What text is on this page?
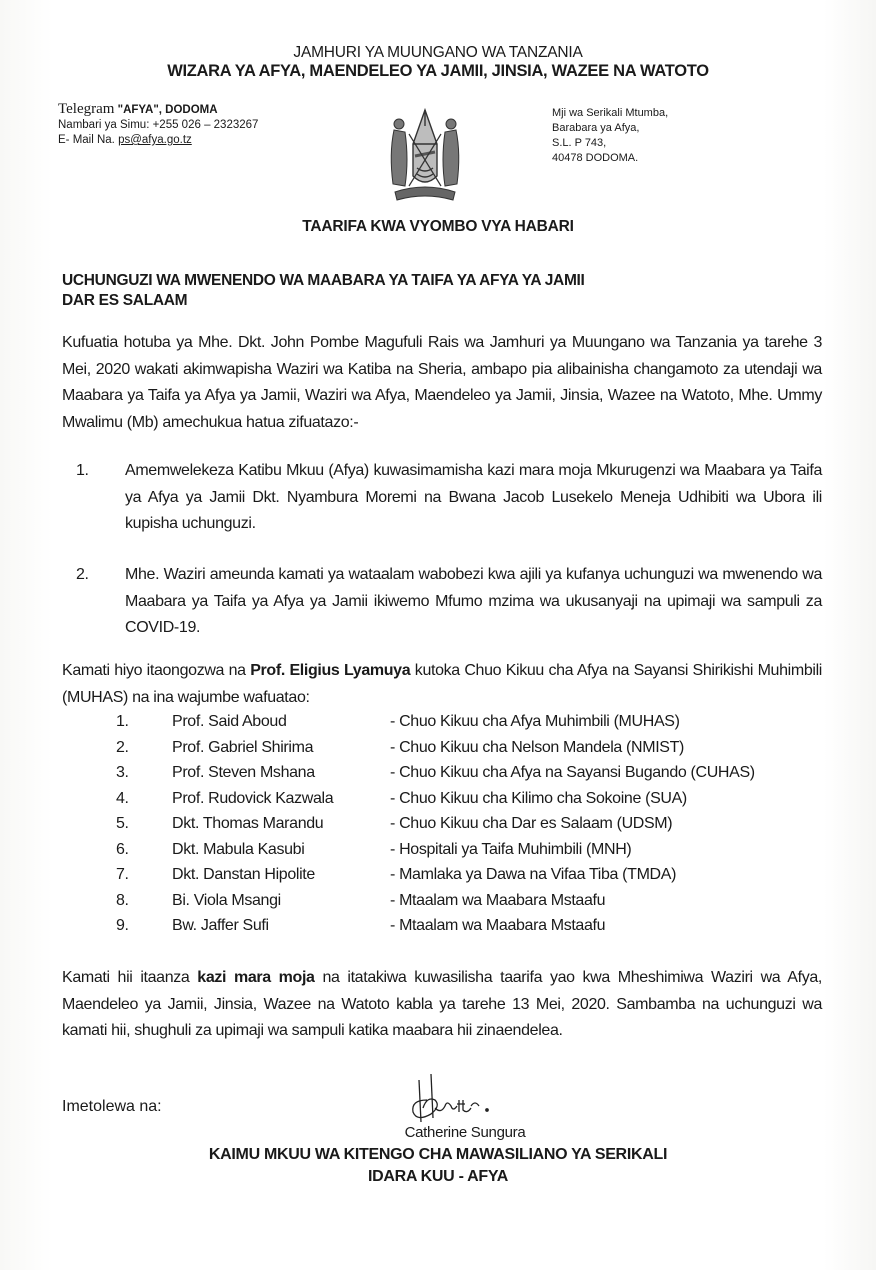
JAMHURI YA MUUNGANO WA TANZANIA
WIZARA YA AFYA, MAENDELEO YA JAMII, JINSIA, WAZEE NA WATOTO
Telegram "AFYA", DODOMA
Nambari ya Simu: +255 026 – 2323267
E- Mail Na. ps@afya.go.tz
Mji wa Serikali Mtumba,
Barabara ya Afya,
S.L. P 743,
40478 DODOMA.
TAARIFA KWA VYOMBO VYA HABARI
UCHUNGUZI WA MWENENDO WA MAABARA YA TAIFA YA AFYA YA JAMII
DAR ES SALAAM
Kufuatia hotuba ya Mhe. Dkt. John Pombe Magufuli Rais wa Jamhuri ya Muungano wa Tanzania ya tarehe 3 Mei, 2020 wakati akimwapisha Waziri wa Katiba na Sheria, ambapo pia alibainisha changamoto za utendaji wa Maabara ya Taifa ya Afya ya Jamii, Waziri wa Afya, Maendeleo ya Jamii, Jinsia, Wazee na Watoto, Mhe. Ummy Mwalimu (Mb) amechukua hatua zifuatazo:-
1. Amemwelekeza Katibu Mkuu (Afya) kuwasimamisha kazi mara moja Mkurugenzi wa Maabara ya Taifa ya Afya ya Jamii Dkt. Nyambura Moremi na Bwana Jacob Lusekelo Meneja Udhibiti wa Ubora ili kupisha uchunguzi.
2. Mhe. Waziri ameunda kamati ya wataalam wabobezi kwa ajili ya kufanya uchunguzi wa mwenendo wa Maabara ya Taifa ya Afya ya Jamii ikiwemo Mfumo mzima wa ukusanyaji na upimaji wa sampuli za COVID-19.
Kamati hiyo itaongozwa na Prof. Eligius Lyamuya kutoka Chuo Kikuu cha Afya na Sayansi Shirikishi Muhimbili (MUHAS) na ina wajumbe wafuatao:
1.	Prof. Said Aboud	- Chuo Kikuu cha Afya Muhimbili (MUHAS)
2.	Prof. Gabriel Shirima	- Chuo Kikuu cha Nelson Mandela (NMIST)
3.	Prof. Steven Mshana	- Chuo Kikuu cha Afya na Sayansi Bugando (CUHAS)
4.	Prof. Rudovick Kazwala	- Chuo Kikuu cha Kilimo cha Sokoine (SUA)
5.	Dkt. Thomas Marandu	- Chuo Kikuu cha Dar es Salaam (UDSM)
6.	Dkt. Mabula Kasubi	- Hospitali ya Taifa Muhimbili (MNH)
7.	Dkt. Danstan Hipolite	- Mamlaka ya Dawa na Vifaa Tiba (TMDA)
8.	Bi. Viola Msangi	- Mtaalam wa Maabara Mstaafu
9.	Bw. Jaffer Sufi	- Mtaalam wa Maabara Mstaafu
Kamati hii itaanza kazi mara moja na itatakiwa kuwasilisha taarifa yao kwa Mheshimiwa Waziri wa Afya, Maendeleo ya Jamii, Jinsia, Wazee na Watoto kabla ya tarehe 13 Mei, 2020. Sambamba na uchunguzi wa kamati hii, shughuli za upimaji wa sampuli katika maabara hii zinaendelea.
Imetolewa na:
Catherine Sungura
KAIMU MKUU WA KITENGO CHA MAWASILIANO YA SERIKALI
IDARA KUU - AFYA
